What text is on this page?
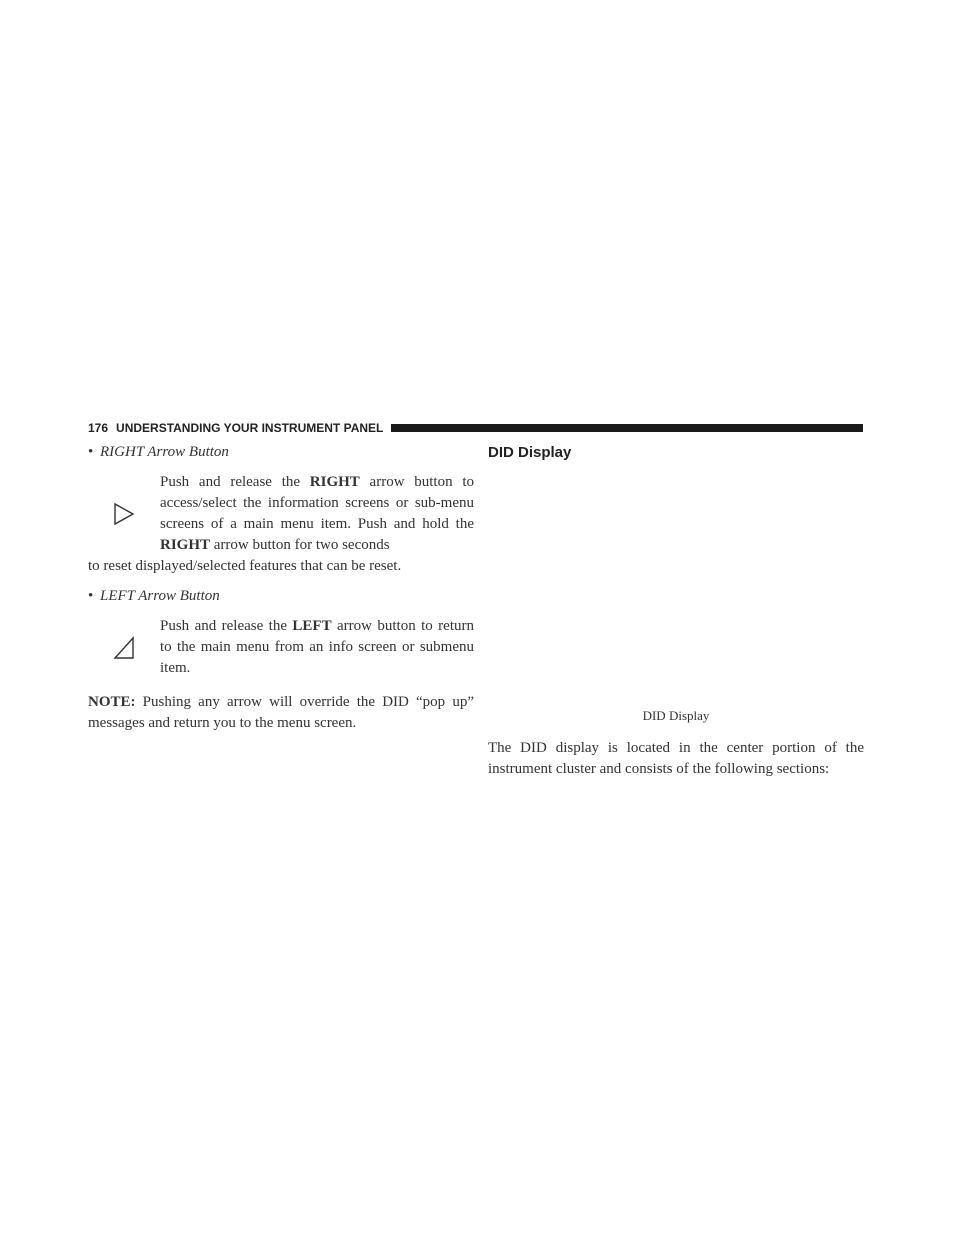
176 UNDERSTANDING YOUR INSTRUMENT PANEL

• RIGHT Arrow Button

Push and release the RIGHT arrow button to access/select the information screens or sub-menu screens of a main menu item. Push and hold the RIGHT arrow button for two seconds

to reset displayed/selected features that can be reset.

• LEFT Arrow Button

Push and release the LEFT arrow button to return to the main menu from an info screen or submenu item.

NOTE: Pushing any arrow will override the DID “pop up” messages and return you to the menu screen.

DID Display

DID Display

The DID display is located in the center portion of the instrument cluster and consists of the following sections:
